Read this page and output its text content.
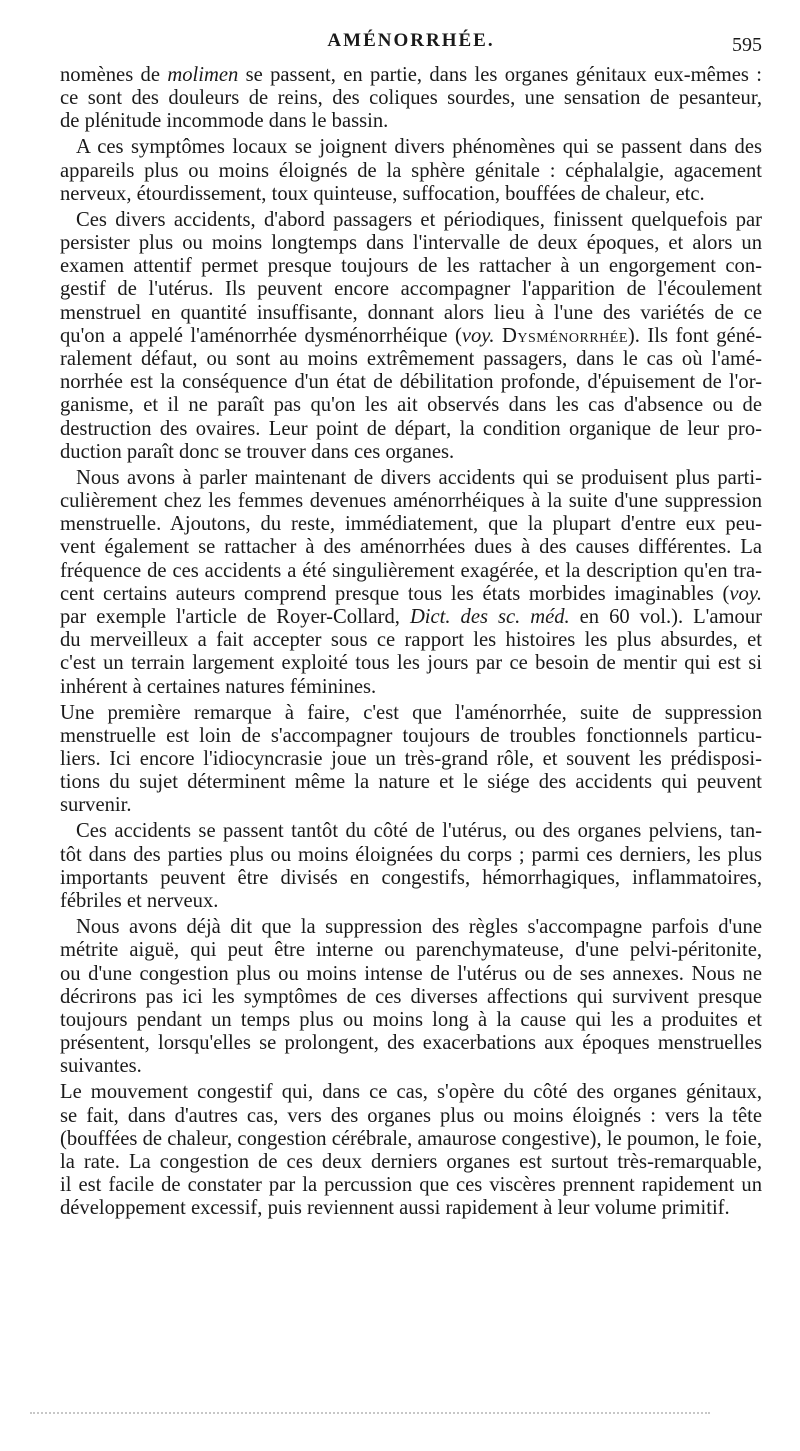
AMÉNORRHÉE.	595
nomènes de molimen se passent, en partie, dans les organes génitaux eux-mêmes :
ce sont des douleurs de reins, des coliques sourdes, une sensation de pesanteur,
de plénitude incommode dans le bassin.
A ces symptômes locaux se joignent divers phénomènes qui se passent dans des
appareils plus ou moins éloignés de la sphère génitale : céphalalgie, agacement
nerveux, étourdissement, toux quinteuse, suffocation, bouffées de chaleur, etc.
Ces divers accidents, d'abord passagers et périodiques, finissent quelquefois par
persister plus ou moins longtemps dans l'intervalle de deux époques, et alors un
examen attentif permet presque toujours de les rattacher à un engorgement con-
gestif de l'utérus. Ils peuvent encore accompagner l'apparition de l'écoulement
menstruel en quantité insuffisante, donnant alors lieu à l'une des variétés de ce
qu'on a appelé l'aménorrhée dysménorrhéique (voy. Dysménorrhée). Ils font géné-
ralement défaut, ou sont au moins extrêmement passagers, dans le cas où l'amé-
norrhée est la conséquence d'un état de débilitation profonde, d'épuisement de l'or-
ganisme, et il ne paraît pas qu'on les ait observés dans les cas d'absence ou de
destruction des ovaires. Leur point de départ, la condition organique de leur pro-
duction paraît donc se trouver dans ces organes.
Nous avons à parler maintenant de divers accidents qui se produisent plus parti-
culièrement chez les femmes devenues aménorrhéiques à la suite d'une suppression
menstruelle. Ajoutons, du reste, immédiatement, que la plupart d'entre eux peu-
vent également se rattacher à des aménorrhées dues à des causes différentes. La
fréquence de ces accidents a été singulièrement exagérée, et la description qu'en tra-
cent certains auteurs comprend presque tous les états morbides imaginables (voy.
par exemple l'article de Royer-Collard, Dict. des sc. méd. en 60 vol.). L'amour
du merveilleux a fait accepter sous ce rapport les histoires les plus absurdes, et
c'est un terrain largement exploité tous les jours par ce besoin de mentir qui est si
inhérent à certaines natures féminines.
Une première remarque à faire, c'est que l'aménorrhée, suite de suppression
menstruelle est loin de s'accompagner toujours de troubles fonctionnels particu-
liers. Ici encore l'idiocyncrasie joue un très-grand rôle, et souvent les prédisposi-
tions du sujet déterminent même la nature et le siége des accidents qui peuvent
survenir.
Ces accidents se passent tantôt du côté de l'utérus, ou des organes pelviens, tan-
tôt dans des parties plus ou moins éloignées du corps ; parmi ces derniers, les plus
importants peuvent être divisés en congestifs, hémorrhagiques, inflammatoires,
fébriles et nerveux.
Nous avons déjà dit que la suppression des règles s'accompagne parfois d'une
métrite aiguë, qui peut être interne ou parenchymateuse, d'une pelvi-péritonite,
ou d'une congestion plus ou moins intense de l'utérus ou de ses annexes. Nous ne
décrirons pas ici les symptômes de ces diverses affections qui survivent presque
toujours pendant un temps plus ou moins long à la cause qui les a produites et
présentent, lorsqu'elles se prolongent, des exacerbations aux époques menstruelles
suivantes.
Le mouvement congestif qui, dans ce cas, s'opère du côté des organes génitaux,
se fait, dans d'autres cas, vers des organes plus ou moins éloignés : vers la tête
(bouffées de chaleur, congestion cérébrale, amaurose congestive), le poumon, le foie,
la rate. La congestion de ces deux derniers organes est surtout très-remarquable,
il est facile de constater par la percussion que ces viscères prennent rapidement un
développement excessif, puis reviennent aussi rapidement à leur volume primitif.
